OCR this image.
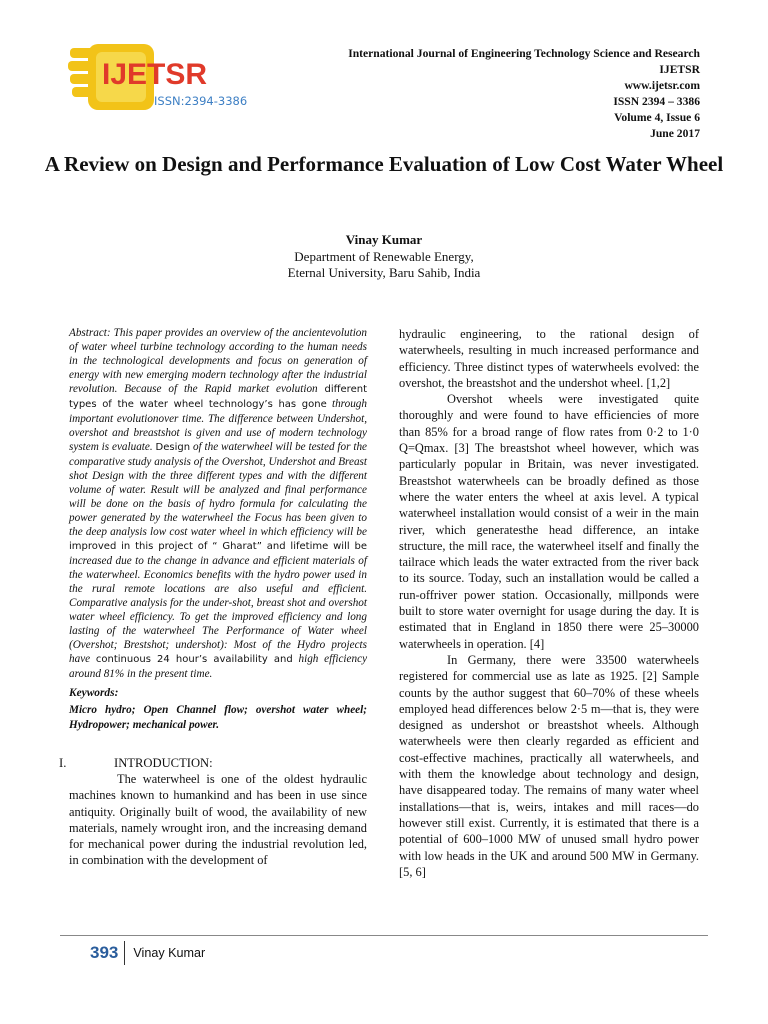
IJETSR
ISSN:2394-3386
International Journal of Engineering Technology Science and Research
IJETSR
www.ijetsr.com
ISSN 2394 – 3386
Volume 4, Issue 6
June 2017
A Review on Design and Performance Evaluation of Low Cost Water Wheel
Vinay Kumar
Department of Renewable Energy,
Eternal University, Baru Sahib, India

Abstract: This paper provides an overview of the ancientevolution of water wheel turbine technology according to the human needs in the technological developments and focus on generation of energy with new emerging modern technology after the industrial revolution. Because of the Rapid market evolution different types of the water wheel technology’s has gone through important evolutionover time. The difference between Undershot, overshot and breastshot is given and use of modern technology system is evaluate. Design of the waterwheel will be tested for the comparative study analysis of the Overshot, Undershot and Breast shot Design with the three different types and with the different volume of water. Result will be analyzed and final performance will be done on the basis of hydro formula for calculating the power generated by the waterwheel the Focus has been given to the deep analysis low cost water wheel in which efficiency will be improved in this project of “ Gharat” and lifetime will be increased due to the change in advance and efficient materials of the waterwheel. Economics benefits with the hydro power used in the rural remote locations are also useful and efficient. Comparative analysis for the under-shot, breast shot and overshot water wheel efficiency. To get the improved efficiency and long lasting of the waterwheel The Performance of Water wheel (Overshot; Brestshot; undershot): Most of the Hydro projects have continuous 24 hour’s availability and high efficiency around 81% in the present time.

Keywords:

Micro hydro; Open Channel flow; overshot water wheel; Hydropower; mechanical power.

I.	INTRODUCTION:

The waterwheel is one of the oldest hydraulic machines known to humankind and has been in use since antiquity. Originally built of wood, the availability of new materials, namely wrought iron, and the increasing demand for mechanical power during the industrial revolution led, in combination with the development of

hydraulic engineering, to the rational design of waterwheels, resulting in much increased performance and efficiency. Three distinct types of waterwheels evolved: the overshot, the breastshot and the undershot wheel. [1,2]

Overshot wheels were investigated quite thoroughly and were found to have efficiencies of more than 85% for a broad range of flow rates from 0·2 to 1·0 Q=Qmax. [3] The breastshot wheel however, which was particularly popular in Britain, was never investigated. Breastshot waterwheels can be broadly defined as those where the water enters the wheel at axis level. A typical waterwheel installation would consist of a weir in the main river, which generatesthe head difference, an intake structure, the mill race, the waterwheel itself and finally the tailrace which leads the water extracted from the river back to its source. Today, such an installation would be called a run-offriver power station. Occasionally, millponds were built to store water overnight for usage during the day. It is estimated that in England in 1850 there were 25–30000 waterwheels in operation. [4]

In Germany, there were 33500 waterwheels registered for commercial use as late as 1925. [2] Sample counts by the author suggest that 60–70% of these wheels employed head differences below 2·5 m—that is, they were designed as undershot or breastshot wheels. Although waterwheels were then clearly regarded as efficient and cost-effective machines, practically all waterwheels, and with them the knowledge about technology and design, have disappeared today. The remains of many water wheel installations—that is, weirs, intakes and mill races—do however still exist. Currently, it is estimated that there is a potential of 600–1000 MW of unused small hydro power with low heads in the UK and around 500 MW in Germany. [5, 6]

393 Vinay Kumar
